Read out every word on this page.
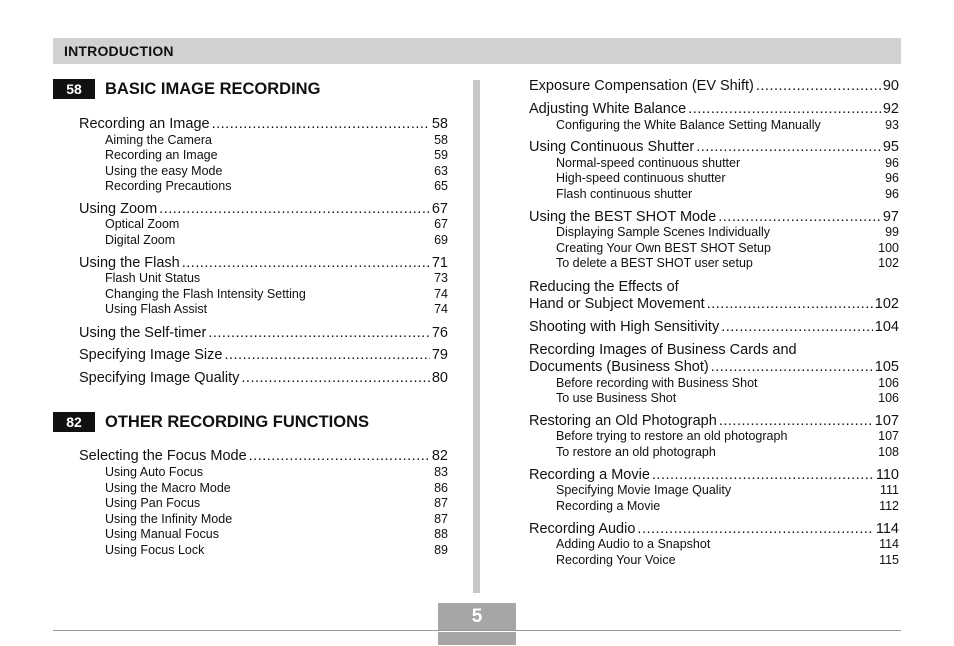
INTRODUCTION
58	BASIC IMAGE RECORDING
82	OTHER RECORDING FUNCTIONS
Recording an Image .....	58
Aiming the Camera	58
Recording an Image	59
Using the easy Mode	63
Recording Precautions	65
Using Zoom .....	67
Optical Zoom	67
Digital Zoom	69
Using the Flash .....	71
Flash Unit Status	73
Changing the Flash Intensity Setting	74
Using Flash Assist	74
Using the Self-timer .....	76
Specifying Image Size .....	79
Specifying Image Quality .....	80
Selecting the Focus Mode .....	82
Using Auto Focus	83
Using the Macro Mode	86
Using Pan Focus	87
Using the Infinity Mode	87
Using Manual Focus	88
Using Focus Lock	89
Exposure Compensation (EV Shift) .....	90
Adjusting White Balance .....	92
Configuring the White Balance Setting Manually	93
Using Continuous Shutter .....	95
Normal-speed continuous shutter	96
High-speed continuous shutter	96
Flash continuous shutter	96
Using the BEST SHOT Mode .....	97
Displaying Sample Scenes Individually	99
Creating Your Own BEST SHOT Setup	100
To delete a BEST SHOT user setup	102
Reducing the Effects of
Hand or Subject Movement .....	102
Shooting with High Sensitivity .....	104
Recording Images of Business Cards and
Documents (Business Shot) .....	105
Before recording with Business Shot	106
To use Business Shot	106
Restoring an Old Photograph .....	107
Before trying to restore an old photograph	107
To restore an old photograph	108
Recording a Movie .....	110
Specifying Movie Image Quality	111
Recording a Movie	112
Recording Audio .....	114
Adding Audio to a Snapshot	114
Recording Your Voice	115
5
